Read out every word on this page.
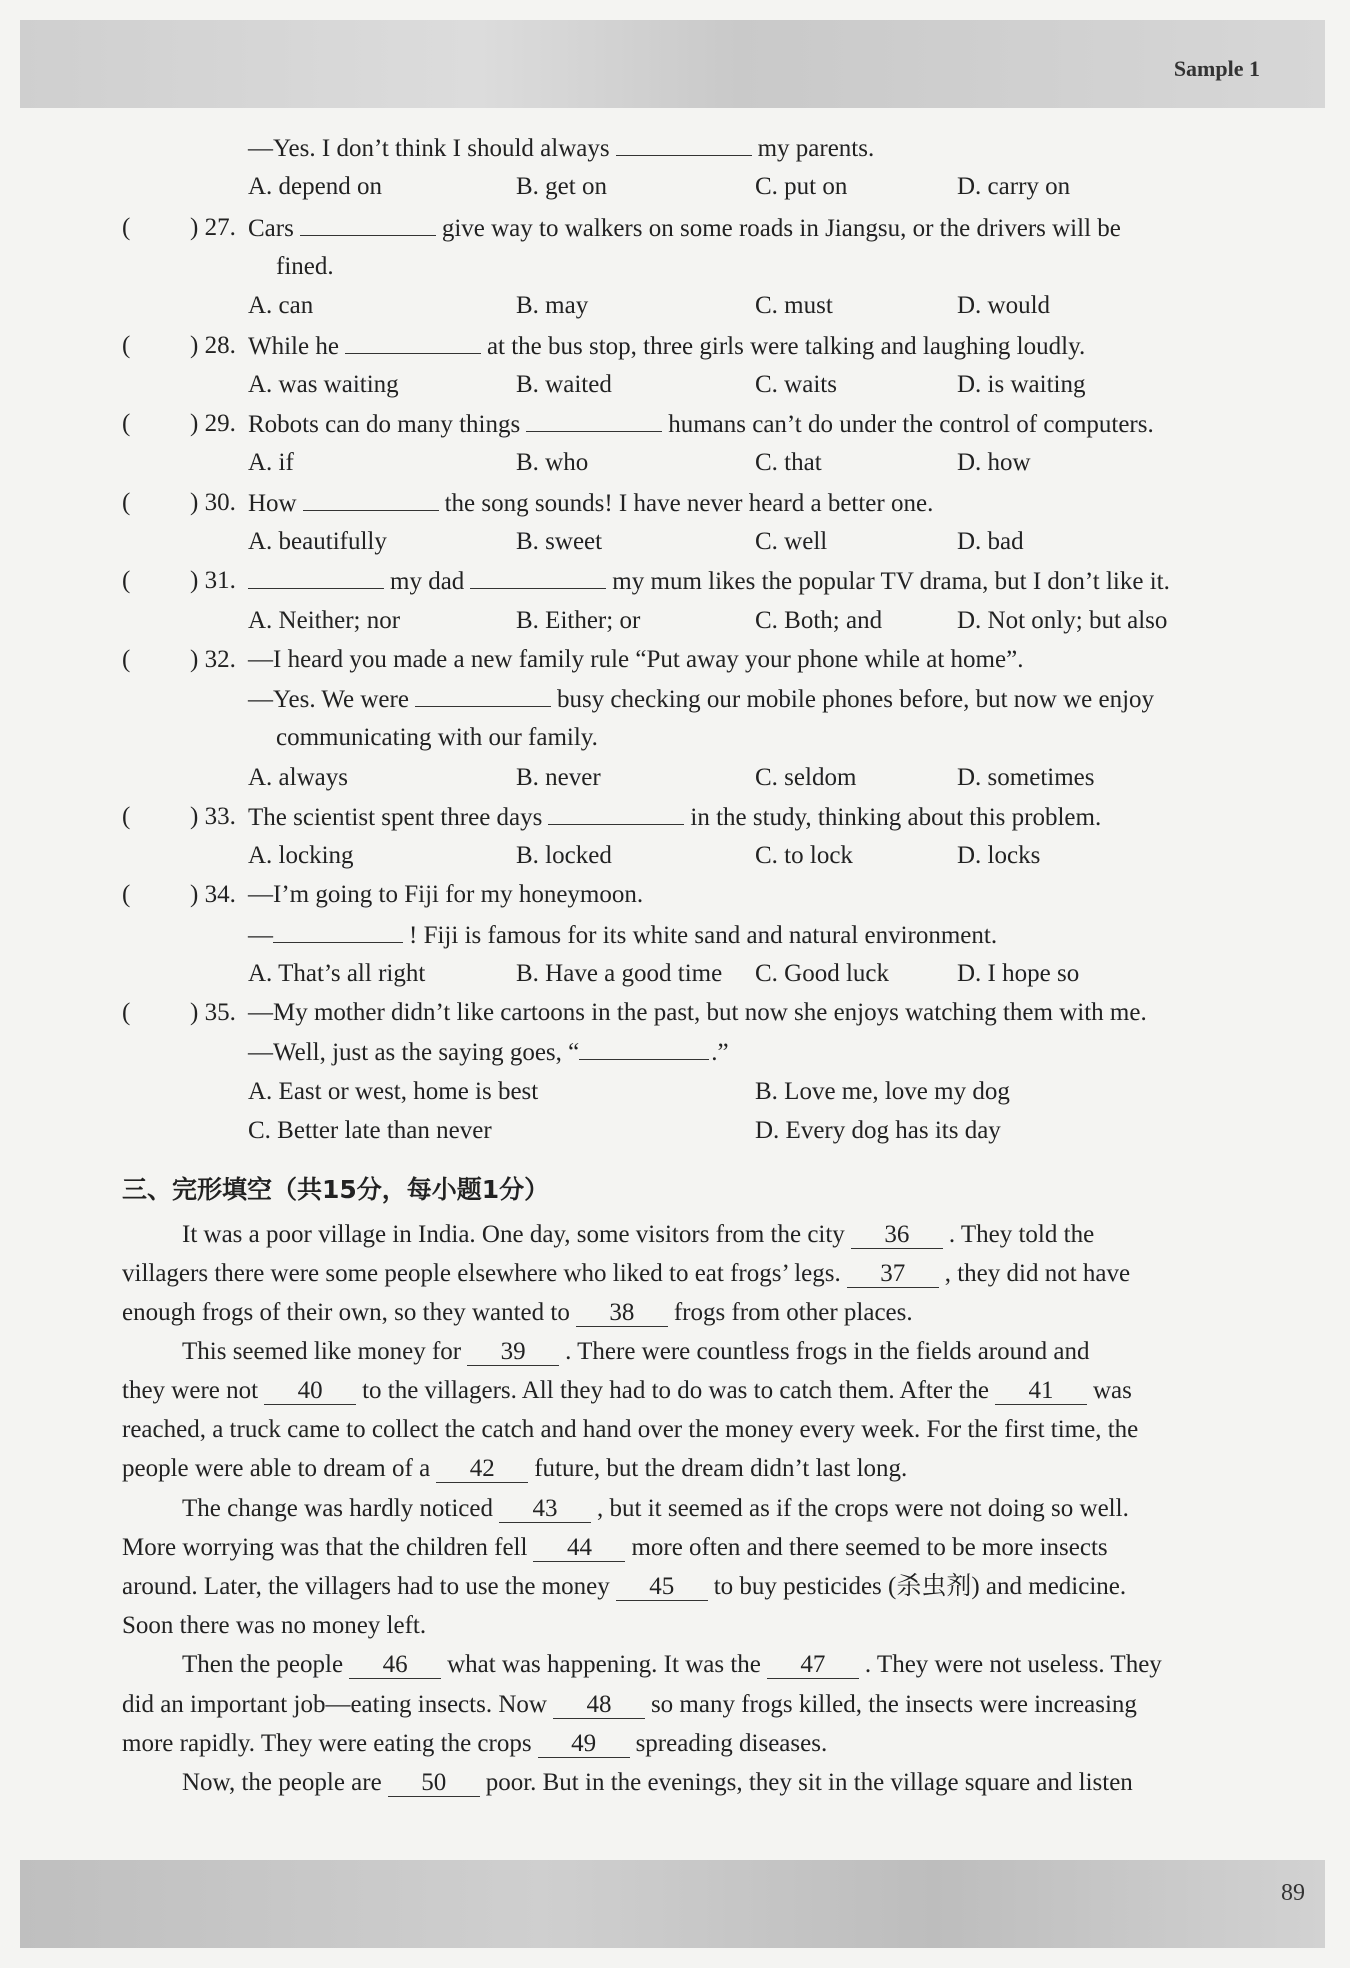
Sample 1
89
—Yes. I don’t think I should always	my parents.
A. depend on	B. get on	C. put on	D. carry on
( ) 27. Cars	give way to walkers on some roads in Jiangsu, or the drivers will be
fined.
A. can	B. may	C. must	D. would
( ) 28. While he	at the bus stop, three girls were talking and laughing loudly.
A. was waiting	B. waited	C. waits	D. is waiting
( ) 29. Robots can do many things	humans can’t do under the control of computers.
A. if	B. who	C. that	D. how
( ) 30. How	the song sounds! I have never heard a better one.
A. beautifully	B. sweet	C. well	D. bad
( ) 31.	my dad	my mum likes the popular TV drama, but I don’t like it.
A. Neither; nor	B. Either; or	C. Both; and	D. Not only; but also
( ) 32. —I heard you made a new family rule “Put away your phone while at home”.
—Yes. We were	busy checking our mobile phones before, but now we enjoy
communicating with our family.
A. always	B. never	C. seldom	D. sometimes
( ) 33. The scientist spent three days	in the study, thinking about this problem.
A. locking	B. locked	C. to lock	D. locks
( ) 34. —I’m going to Fiji for my honeymoon.
—	! Fiji is famous for its white sand and natural environment.
A. That’s all right	B. Have a good time C. Good luck	D. I hope so
( ) 35. —My mother didn’t like cartoons in the past, but now she enjoys watching them with me.
—Well, just as the saying goes, “	.”
A. East or west, home is best	B. Love me, love my dog
C. Better late than never	D. Every dog has its day
三、完形填空（共15分，每小题1分）
It was a poor village in India. One day, some visitors from the city 36 . They told the
villagers there were some people elsewhere who liked to eat frogs’ legs. 37 , they did not have
enough frogs of their own, so they wanted to 38 frogs from other places.
This seemed like money for 39 . There were countless frogs in the fields around and
they were not 40 to the villagers. All they had to do was to catch them. After the 41 was
reached, a truck came to collect the catch and hand over the money every week. For the first time, the
people were able to dream of a 42 future, but the dream didn’t last long.
The change was hardly noticed 43 , but it seemed as if the crops were not doing so well.
More worrying was that the children fell 44 more often and there seemed to be more insects
around. Later, the villagers had to use the money 45 to buy pesticides (杀虫剂) and medicine.
Soon there was no money left.
Then the people 46 what was happening. It was the 47 . They were not useless. They
did an important job—eating insects. Now 48 so many frogs killed, the insects were increasing
more rapidly. They were eating the crops 49 spreading diseases.
Now, the people are 50 poor. But in the evenings, they sit in the village square and listen
